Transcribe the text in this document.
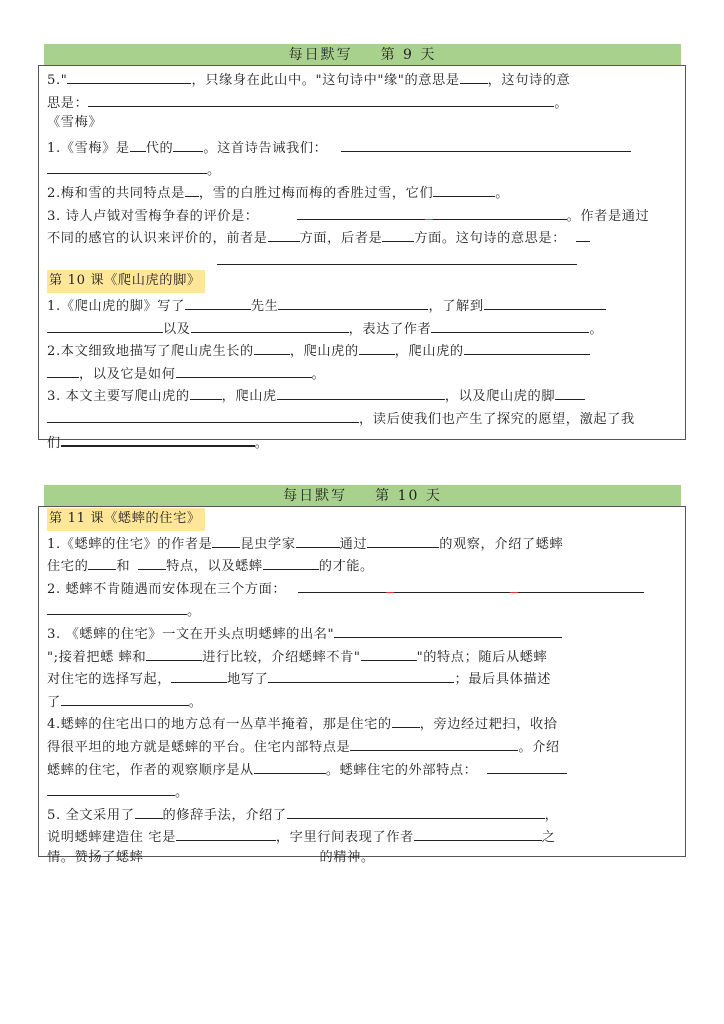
每日默写 第 9 天
5."	，只缘身在此山中。"这句诗中"缘"的意思是 ，这句诗的意
思是：	。
《雪梅》
1.《雪梅》是 代的 。这首诗告诫我们：
。
2.梅和雪的共同特点是 ，雪的白胜过梅而梅的香胜过雪，它们	。
3. 诗人卢钺对雪梅争春的评价是：	。作者是通过
不同的感官的认识来评价的，前者是 方面，后者是 方面。这句诗的意思是：
第 10 课《爬山虎的脚》
1.《爬山虎的脚》写了	先生	，了解到
以及	，表达了作者	。
2.本文细致地描写了爬山虎生长的	，爬山虎的	，爬山虎的
，以及它是如何	。
3. 本文主要写爬山虎的 ，爬山虎	，以及爬山虎的脚
，读后使我们也产生了探究的愿望，激起了我
们	。
每日默写 第 10 天
第 11 课《蟋蟀的住宅》
1.《蟋蟀的住宅》的作者是 昆虫学家	通过	的观察，介绍了蟋蟀
住宅的 和	特点，以及蟋蟀	的才能。
2. 蟋蟀不肯随遇而安体现在三个方面：
。
3. 《蟋蟀的住宅》一文在开头点明蟋蟀的出名"
";接着把蟋 蟀和	进行比较，介绍蟋蟀不肯"	"的特点；随后从蟋蟀
对住宅的选择写起，	地写了	；最后具体描述
了	。
4.蟋蟀的住宅出口的地方总有一丛草半掩着，那是住宅的 ，旁边经过耙扫，收拾
得很平坦的地方就是蟋蟀的平台。住宅内部特点是	。介绍
蟋蟀的住宅，作者的观察顺序是从	。蟋蟀住宅的外部特点：
。
5. 全文采用了 的修辞手法，介绍了	，
说明蟋蟀建造住 宅是	，字里行间表现了作者	之
情。赞扬了蟋蟀	的精神。
